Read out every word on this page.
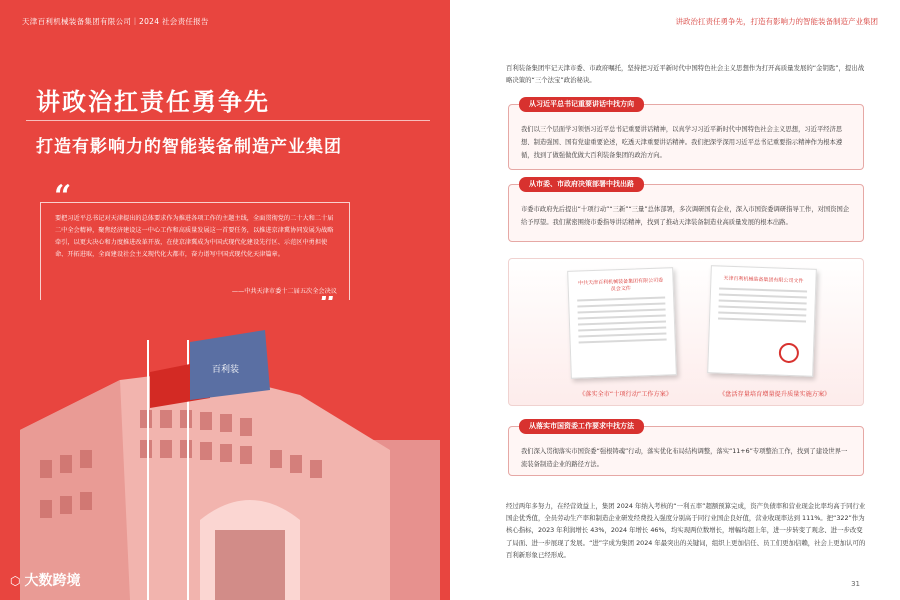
天津百利机械装备集团有限公司｜2024 社会责任报告
讲政治扛责任勇争先
打造有影响力的智能装备制造产业集团
“
要把习近平总书记对天津提出的总体要求作为推进各项工作的主题主线，全面贯彻党的二十大和二十届二中全会精神，聚焦经济建设这一中心工作和高质量发展这一首要任务，以推进京津冀协同发展为战略牵引，以更大决心和力度推进改革开放，在使京津冀成为中国式现代化建设先行区、示范区中勇担使命、开拓进取，全面建设社会主义现代化大都市，奋力谱写中国式现代化天津篇章。
——中共天津市委十二届五次全会决议
百利装
⬡ 大数跨境
讲政治扛责任勇争先，打造有影响力的智能装备制造产业集团
百利装备集团牢记天津市委、市政府嘱托，坚持把习近平新时代中国特色社会主义思想作为打开高质量发展的“金钥匙”，提出战略决策的“三个法宝”政治秘诀。
从习近平总书记重要讲话中找方向
我们以三个层面学习领悟习近平总书记重要讲话精神，以真学习习近平新时代中国特色社会主义思想，习近平经济思想、制造强国、国有党建重要论述，吃透天津重要讲话精神。我们把深学深用习近平总书记重要指示精神作为根本遵循，找到了做强做优做大百利装备集团的政治方向。
从市委、市政府决策部署中找出路
市委市政府先后提出“十项行动”“三新”“三量”总体部署，多次调研国有企业，深入市国资委调研指导工作，对国资国企给予厚望。我们紧密围绕市委指导讲话精神，找到了推动天津装备制造业高质量发展的根本出路。
中共天津百利机械装备集团有限公司委员会文件
天津百利机械装备集团有限公司文件
《落实全市“十项行动”工作方案》	《盘活存量培育增量提升质量实施方案》
从落实市国资委工作要求中找方法
我们深入贯彻落实市国资委“强根铸魂”行动，落实优化布局结构调整，落实“11+6”专项整治工作，找到了建设世界一流装备制造企业的路径方法。
经过两年多努力，在经营效益上，集团 2024 年纳入考核的“一利五率”超额预算完成，资产负债率和营业现金比率均高于同行业国企优秀值，全员劳动生产率和制造企业研发经费投入强度分别高于同行业国企良好值，营业收现率达到 111%。把“322”作为核心指标，2023 年利润增长 43%，2024 年增长 46%，均实现两位数增长，增幅均超上年，进一步转变了观念、进一步改变了局面、进一步展现了发展。“进”字成为集团 2024 年最突出的关键词，组织上更加信任、员工们更加信赖，社会上更加认可的百利新形象已经形成。
31
